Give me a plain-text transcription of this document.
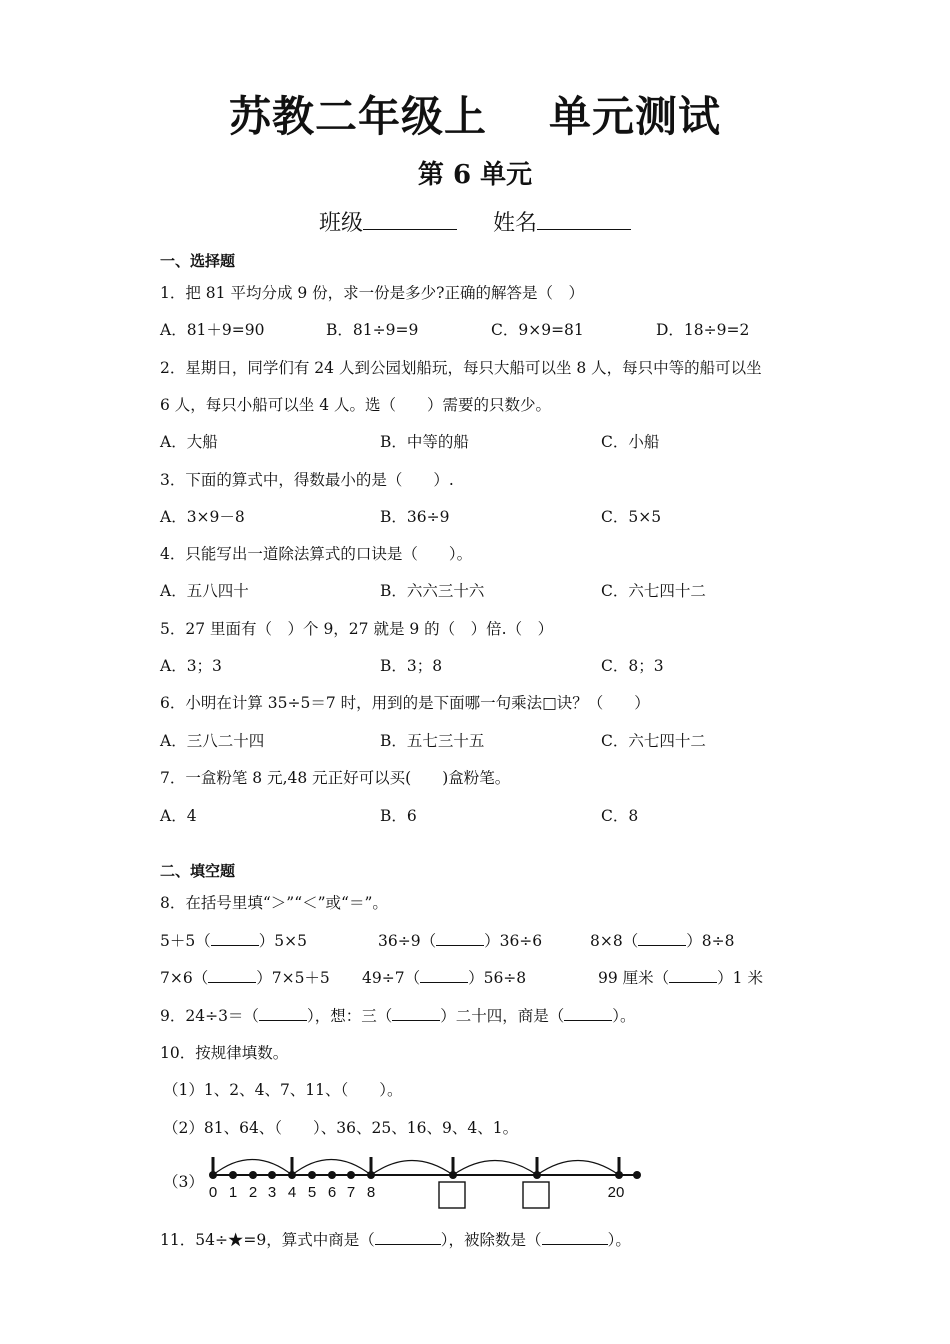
苏教二年级上 单元测试
第 6 单元
班级	姓名
一、选择题
1．把 81 平均分成 9 份，求一份是多少?正确的解答是（　）
A．81＋9=90	B．81÷9=9	C．9×9=81	D．18÷9=2
2．星期日，同学们有 24 人到公园划船玩，每只大船可以坐 8 人，每只中等的船可以坐
6 人，每只小船可以坐 4 人。选（　　）需要的只数少。
A．大船	B．中等的船	C．小船
3．下面的算式中，得数最小的是（　　）.
A．3×9－8	B．36÷9	C．5×5
4．只能写出一道除法算式的口诀是（　　）。
A．五八四十	B．六六三十六	C．六七四十二
5．27 里面有（　）个 9，27 就是 9 的（　）倍.（　）
A．3；3	B．3；8	C．8；3
6．小明在计算 35÷5＝7 时，用到的是下面哪一句乘法□诀？（　　）
A．三八二十四	B．五七三十五	C．六七四十二
7．一盒粉笔 8 元,48 元正好可以买(　　)盒粉笔。
A．4	B．6	C．8
二、填空题
8．在括号里填“＞”“＜”或“＝”。
5＋5（	）5×5	36÷9（	）36÷6	8×8（	）8÷8
7×6（	）7×5＋5 49÷7（	）56÷8	99 厘米（	）1 米
9．24÷3＝（	），想：三（	）二十四，商是（	）。
10．按规律填数。
（1）1、2、4、7、11、（　　）。
（2）81、64、（　　）、36、25、16、9、4、1。
（3）
0 1 2 3 4 5 6 7 8	20
11．54÷★=9，算式中商是（	），被除数是（	）。
